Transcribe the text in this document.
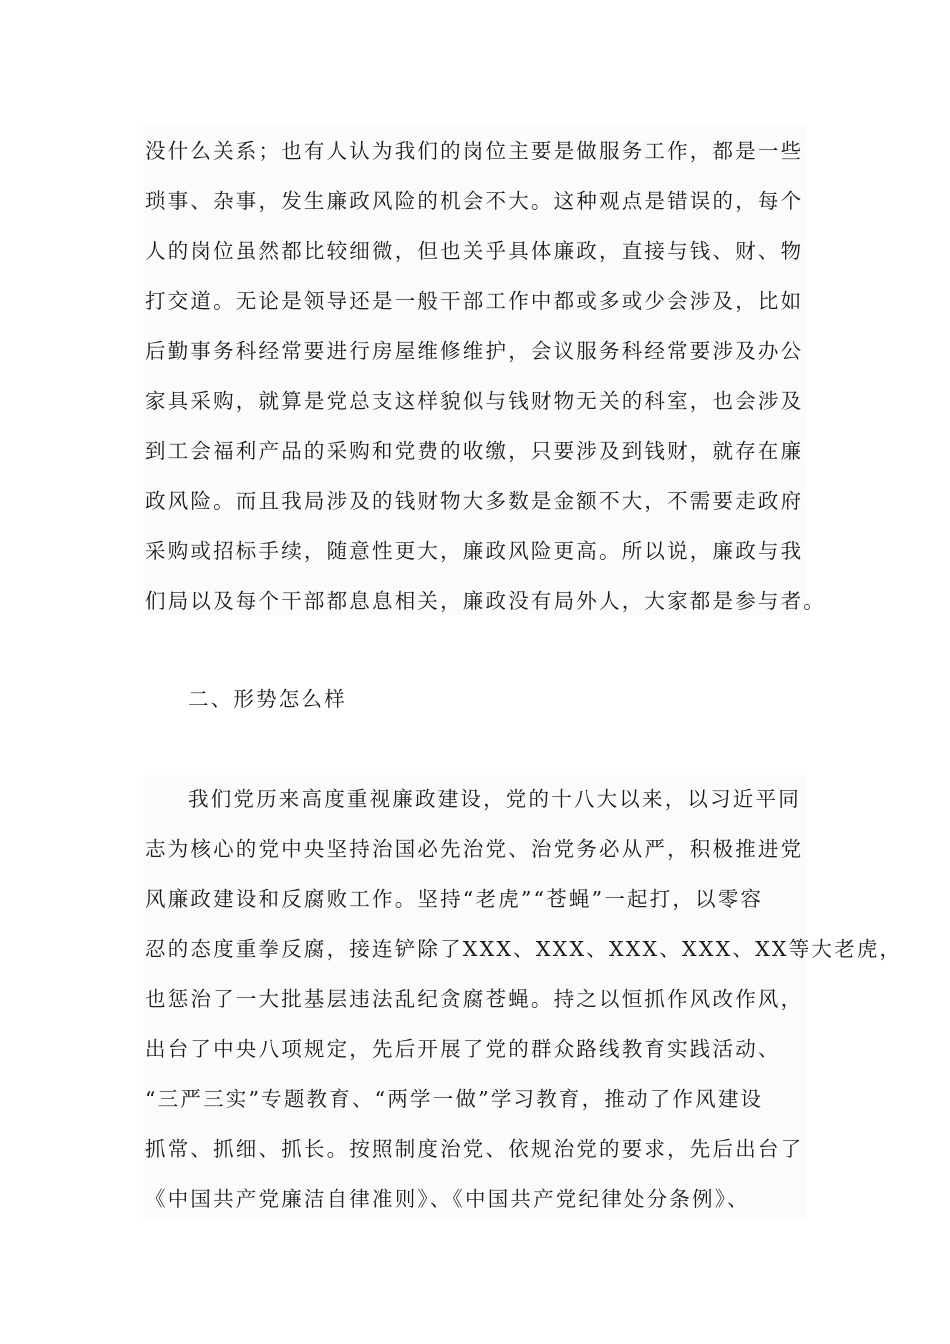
没什么关系；也有人认为我们的岗位主要是做服务工作，都是一些
琐事、杂事，发生廉政风险的机会不大。这种观点是错误的，每个
人的岗位虽然都比较细微，但也关乎具体廉政，直接与钱、财、物
打交道。无论是领导还是一般干部工作中都或多或少会涉及，比如
后勤事务科经常要进行房屋维修维护，会议服务科经常要涉及办公
家具采购，就算是党总支这样貌似与钱财物无关的科室，也会涉及
到工会福利产品的采购和党费的收缴，只要涉及到钱财，就存在廉
政风险。而且我局涉及的钱财物大多数是金额不大，不需要走政府
采购或招标手续，随意性更大，廉政风险更高。所以说，廉政与我
们局以及每个干部都息息相关，廉政没有局外人，大家都是参与者。
二、形势怎么样
我们党历来高度重视廉政建设，党的十八大以来，以习近平同
志为核心的党中央坚持治国必先治党、治党务必从严，积极推进党
风廉政建设和反腐败工作。坚持“老虎”“苍蝇”一起打，以零容
忍的态度重拳反腐，接连铲除了XXX、XXX、XXX、XXX、XX等大老虎，
也惩治了一大批基层违法乱纪贪腐苍蝇。持之以恒抓作风改作风，
出台了中央八项规定，先后开展了党的群众路线教育实践活动、
“三严三实”专题教育、“两学一做”学习教育，推动了作风建设
抓常、抓细、抓长。按照制度治党、依规治党的要求，先后出台了
《中国共产党廉洁自律准则》、《中国共产党纪律处分条例》、
